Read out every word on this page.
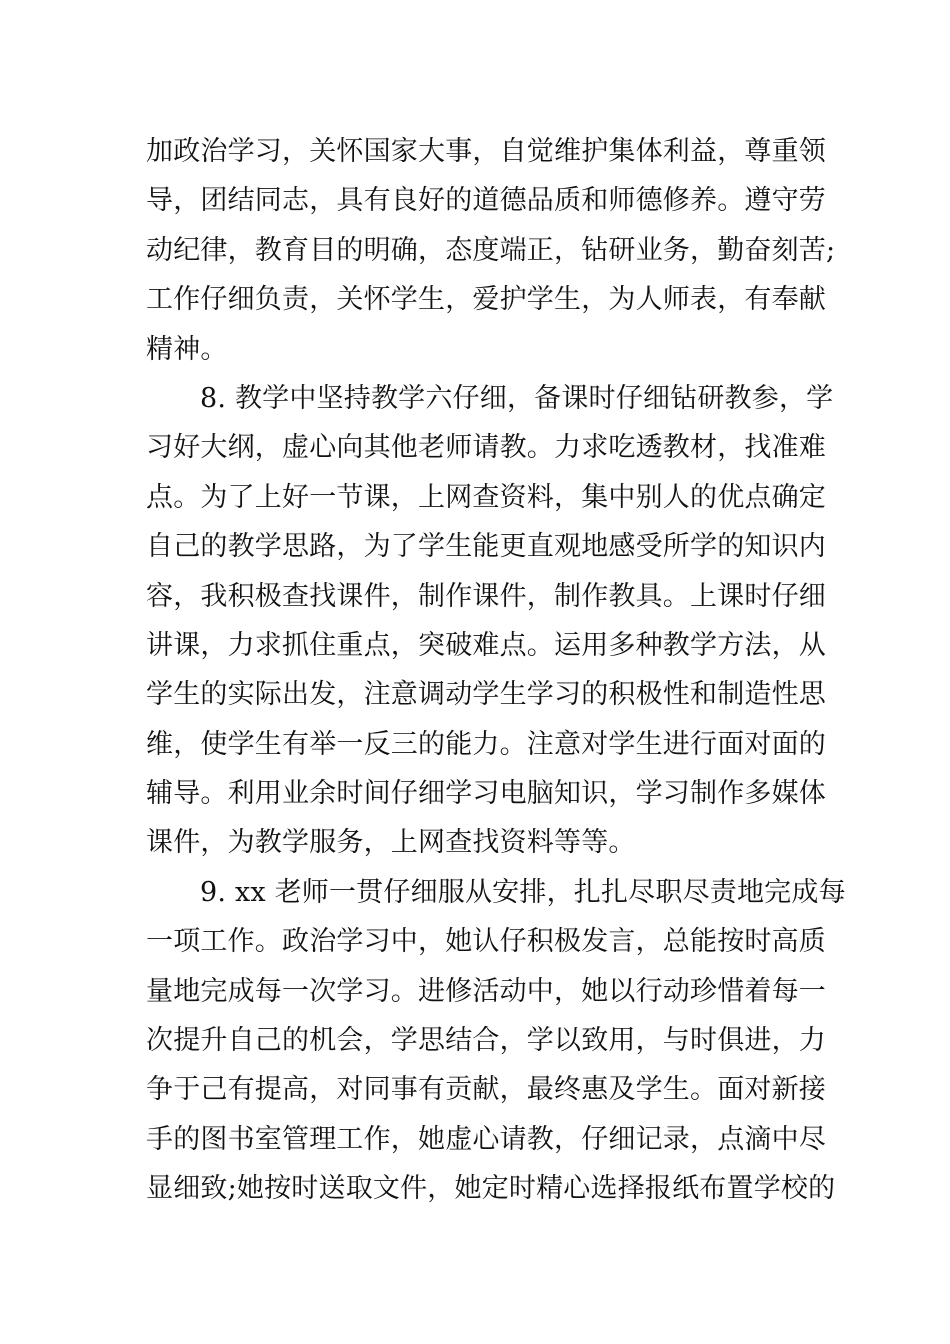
加政治学习，关怀国家大事，自觉维护集体利益，尊重领
导，团结同志，具有良好的道德品质和师德修养。遵守劳
动纪律，教育目的明确，态度端正，钻研业务，勤奋刻苦;
工作仔细负责，关怀学生，爱护学生，为人师表，有奉献
精神。
8. 教学中坚持教学六仔细，备课时仔细钻研教参，学
习好大纲，虚心向其他老师请教。力求吃透教材，找准难
点。为了上好一节课，上网查资料，集中别人的优点确定
自己的教学思路，为了学生能更直观地感受所学的知识内
容，我积极查找课件，制作课件，制作教具。上课时仔细
讲课，力求抓住重点，突破难点。运用多种教学方法，从
学生的实际出发，注意调动学生学习的积极性和制造性思
维，使学生有举一反三的能力。注意对学生进行面对面的
辅导。利用业余时间仔细学习电脑知识，学习制作多媒体
课件，为教学服务，上网查找资料等等。
9. xx 老师一贯仔细服从安排，扎扎尽职尽责地完成每
一项工作。政治学习中，她认仔积极发言，总能按时高质
量地完成每一次学习。进修活动中，她以行动珍惜着每一
次提升自己的机会，学思结合，学以致用，与时俱进，力
争于己有提高，对同事有贡献，最终惠及学生。面对新接
手的图书室管理工作，她虚心请教，仔细记录，点滴中尽
显细致;她按时送取文件，她定时精心选择报纸布置学校的
